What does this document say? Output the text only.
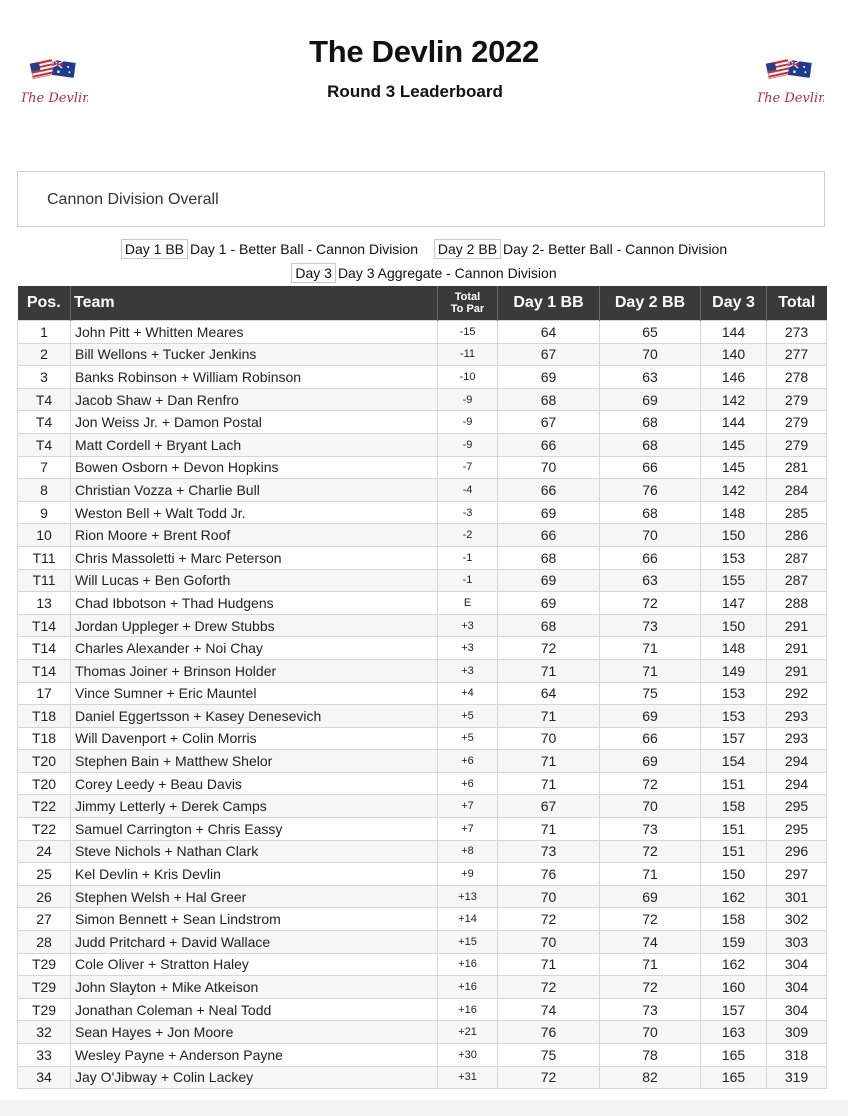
The Devlin	The Devlin
The Devlin 2022
Round 3 Leaderboard
Cannon Division Overall
Day 1 BB Day 1 - Better Ball - Cannon Division Day 2 BB Day 2- Better Ball - Cannon Division
Day 3 Day 3 Aggregate - Cannon Division
Pos.	Team	Total
To Par	Day 1 BB	Day 2 BB	Day 3	Total
1	John Pitt + Whitten Meares	-15	64	65	144	273
2	Bill Wellons + Tucker Jenkins	-11	67	70	140	277
3	Banks Robinson + William Robinson	-10	69	63	146	278
T4	Jacob Shaw + Dan Renfro	-9	68	69	142	279
T4	Jon Weiss Jr. + Damon Postal	-9	67	68	144	279
T4	Matt Cordell + Bryant Lach	-9	66	68	145	279
7	Bowen Osborn + Devon Hopkins	-7	70	66	145	281
8	Christian Vozza + Charlie Bull	-4	66	76	142	284
9	Weston Bell + Walt Todd Jr.	-3	69	68	148	285
10	Rion Moore + Brent Roof	-2	66	70	150	286
T11	Chris Massoletti + Marc Peterson	-1	68	66	153	287
T11	Will Lucas + Ben Goforth	-1	69	63	155	287
13	Chad Ibbotson + Thad Hudgens	E	69	72	147	288
T14	Jordan Uppleger + Drew Stubbs	+3	68	73	150	291
T14	Charles Alexander + Noi Chay	+3	72	71	148	291
T14	Thomas Joiner + Brinson Holder	+3	71	71	149	291
17	Vince Sumner + Eric Mauntel	+4	64	75	153	292
T18	Daniel Eggertsson + Kasey Denesevich	+5	71	69	153	293
T18	Will Davenport + Colin Morris	+5	70	66	157	293
T20	Stephen Bain + Matthew Shelor	+6	71	69	154	294
T20	Corey Leedy + Beau Davis	+6	71	72	151	294
T22	Jimmy Letterly + Derek Camps	+7	67	70	158	295
T22	Samuel Carrington + Chris Eassy	+7	71	73	151	295
24	Steve Nichols + Nathan Clark	+8	73	72	151	296
25	Kel Devlin + Kris Devlin	+9	76	71	150	297
26	Stephen Welsh + Hal Greer	+13	70	69	162	301
27	Simon Bennett + Sean Lindstrom	+14	72	72	158	302
28	Judd Pritchard + David Wallace	+15	70	74	159	303
T29	Cole Oliver + Stratton Haley	+16	71	71	162	304
T29	John Slayton + Mike Atkeison	+16	72	72	160	304
T29	Jonathan Coleman + Neal Todd	+16	74	73	157	304
32	Sean Hayes + Jon Moore	+21	76	70	163	309
33	Wesley Payne + Anderson Payne	+30	75	78	165	318
34	Jay O'Jibway + Colin Lackey	+31	72	82	165	319
